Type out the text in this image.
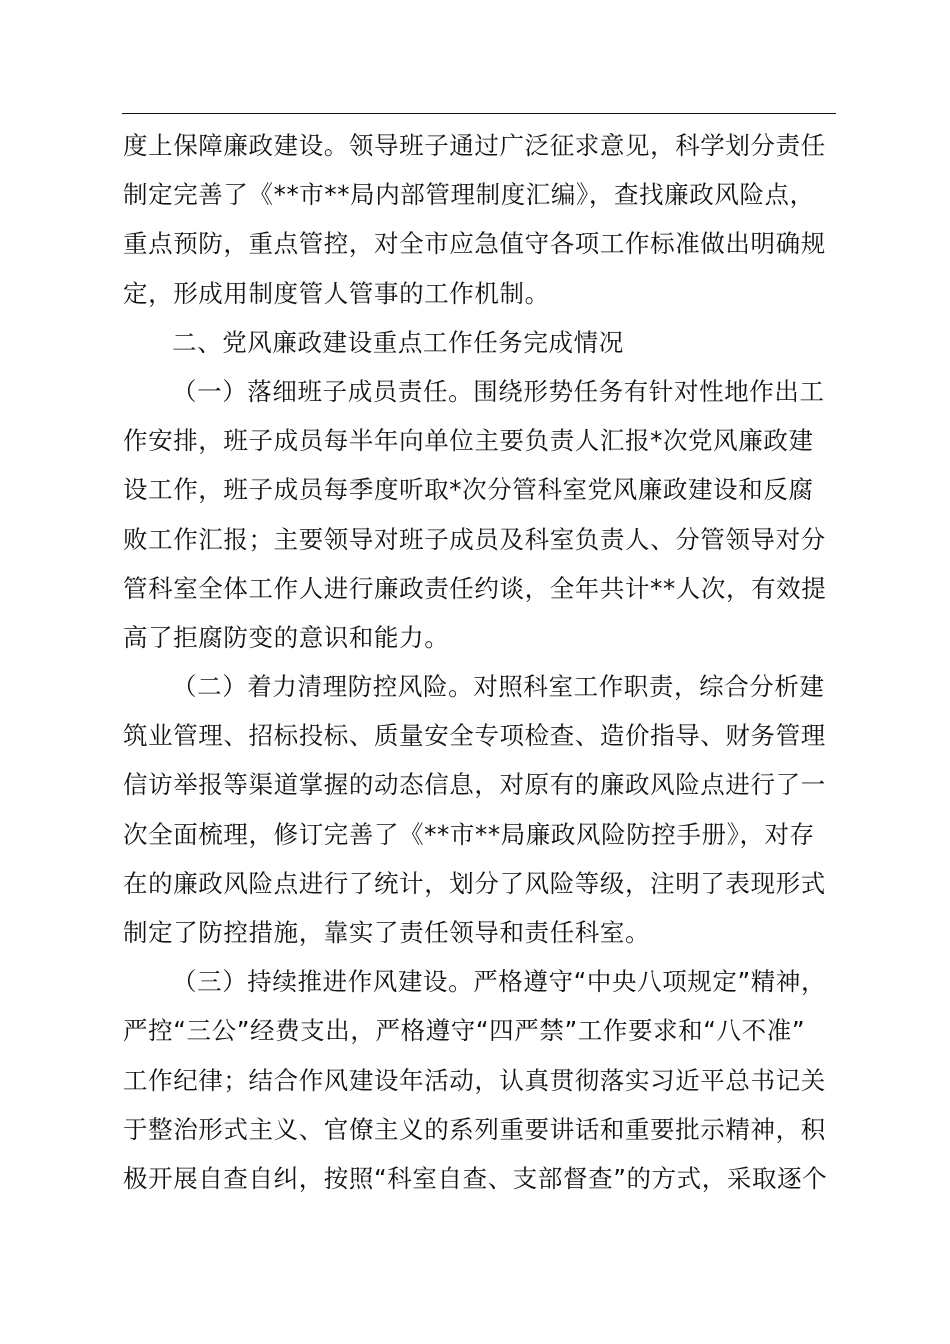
度上保障廉政建设。领导班子通过广泛征求意见，科学划分责任
制定完善了《**市**局内部管理制度汇编》，查找廉政风险点，
重点预防，重点管控，对全市应急值守各项工作标准做出明确规
定，形成用制度管人管事的工作机制。
二、党风廉政建设重点工作任务完成情况
（一）落细班子成员责任。围绕形势任务有针对性地作出工
作安排，班子成员每半年向单位主要负责人汇报*次党风廉政建
设工作，班子成员每季度听取*次分管科室党风廉政建设和反腐
败工作汇报；主要领导对班子成员及科室负责人、分管领导对分
管科室全体工作人进行廉政责任约谈，全年共计**人次，有效提
高了拒腐防变的意识和能力。
（二）着力清理防控风险。对照科室工作职责，综合分析建
筑业管理、招标投标、质量安全专项检查、造价指导、财务管理
信访举报等渠道掌握的动态信息，对原有的廉政风险点进行了一
次全面梳理，修订完善了《**市**局廉政风险防控手册》，对存
在的廉政风险点进行了统计，划分了风险等级，注明了表现形式
制定了防控措施，靠实了责任领导和责任科室。
（三）持续推进作风建设。严格遵守“中央八项规定”精神，
严控“三公”经费支出，严格遵守“四严禁”工作要求和“八不准”
工作纪律；结合作风建设年活动，认真贯彻落实习近平总书记关
于整治形式主义、官僚主义的系列重要讲话和重要批示精神，积
极开展自查自纠，按照“科室自查、支部督查”的方式，采取逐个
